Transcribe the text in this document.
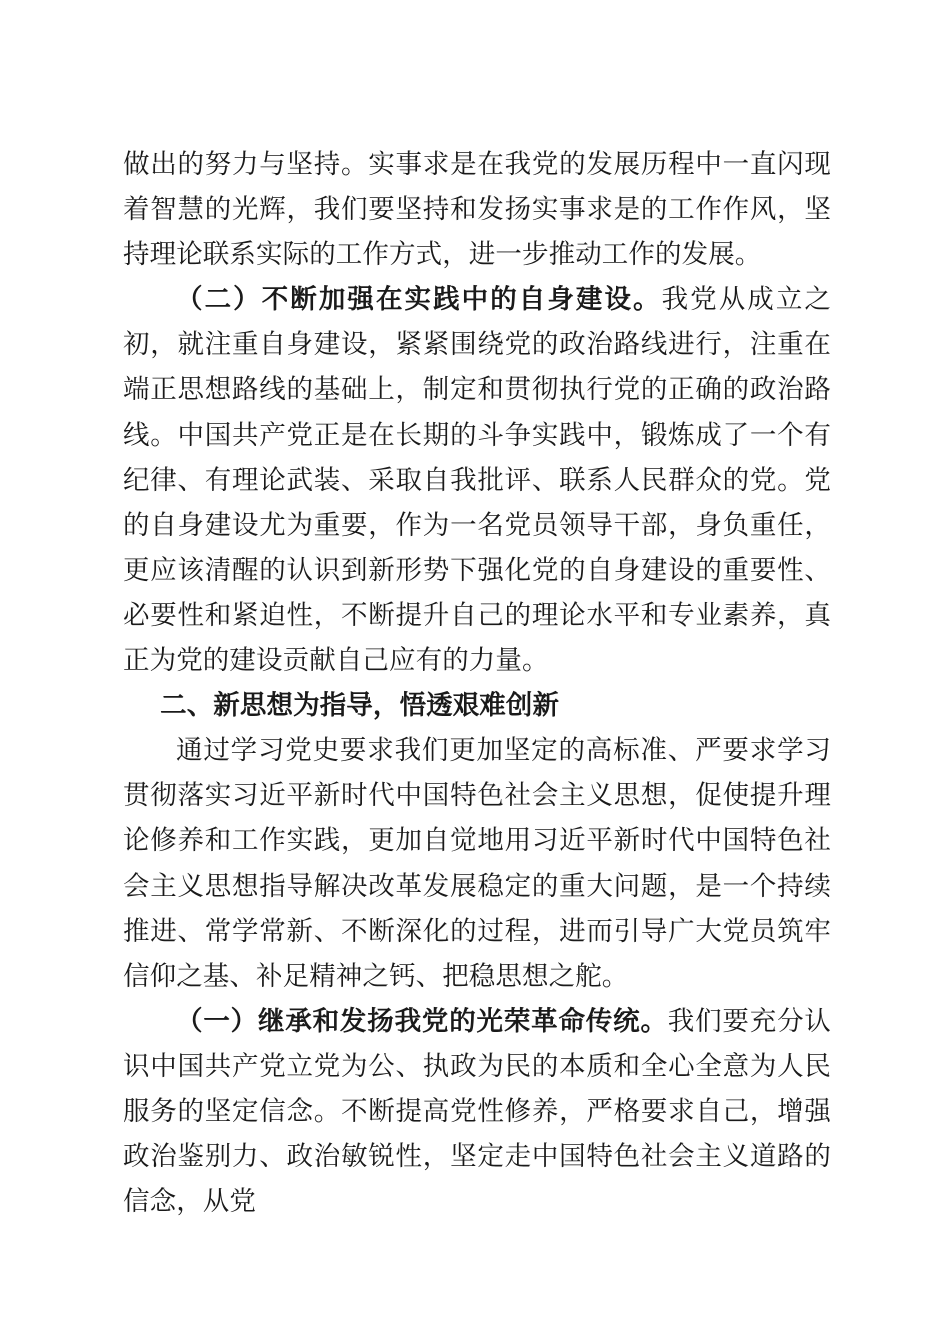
做出的努力与坚持。实事求是在我党的发展历程中一直闪现着智慧的光辉，我们要坚持和发扬实事求是的工作作风，坚持理论联系实际的工作方式，进一步推动工作的发展。

（二）不断加强在实践中的自身建设。我党从成立之初，就注重自身建设，紧紧围绕党的政治路线进行，注重在端正思想路线的基础上，制定和贯彻执行党的正确的政治路线。中国共产党正是在长期的斗争实践中，锻炼成了一个有纪律、有理论武装、采取自我批评、联系人民群众的党。党的自身建设尤为重要，作为一名党员领导干部，身负重任，更应该清醒的认识到新形势下强化党的自身建设的重要性、必要性和紧迫性，不断提升自己的理论水平和专业素养，真正为党的建设贡献自己应有的力量。

二、新思想为指导，悟透艰难创新

通过学习党史要求我们更加坚定的高标准、严要求学习贯彻落实习近平新时代中国特色社会主义思想，促使提升理论修养和工作实践，更加自觉地用习近平新时代中国特色社会主义思想指导解决改革发展稳定的重大问题，是一个持续推进、常学常新、不断深化的过程，进而引导广大党员筑牢信仰之基、补足精神之钙、把稳思想之舵。

（一）继承和发扬我党的光荣革命传统。我们要充分认识中国共产党立党为公、执政为民的本质和全心全意为人民服务的坚定信念。不断提高党性修养，严格要求自己，增强政治鉴别力、政治敏锐性，坚定走中国特色社会主义道路的信念，从党
